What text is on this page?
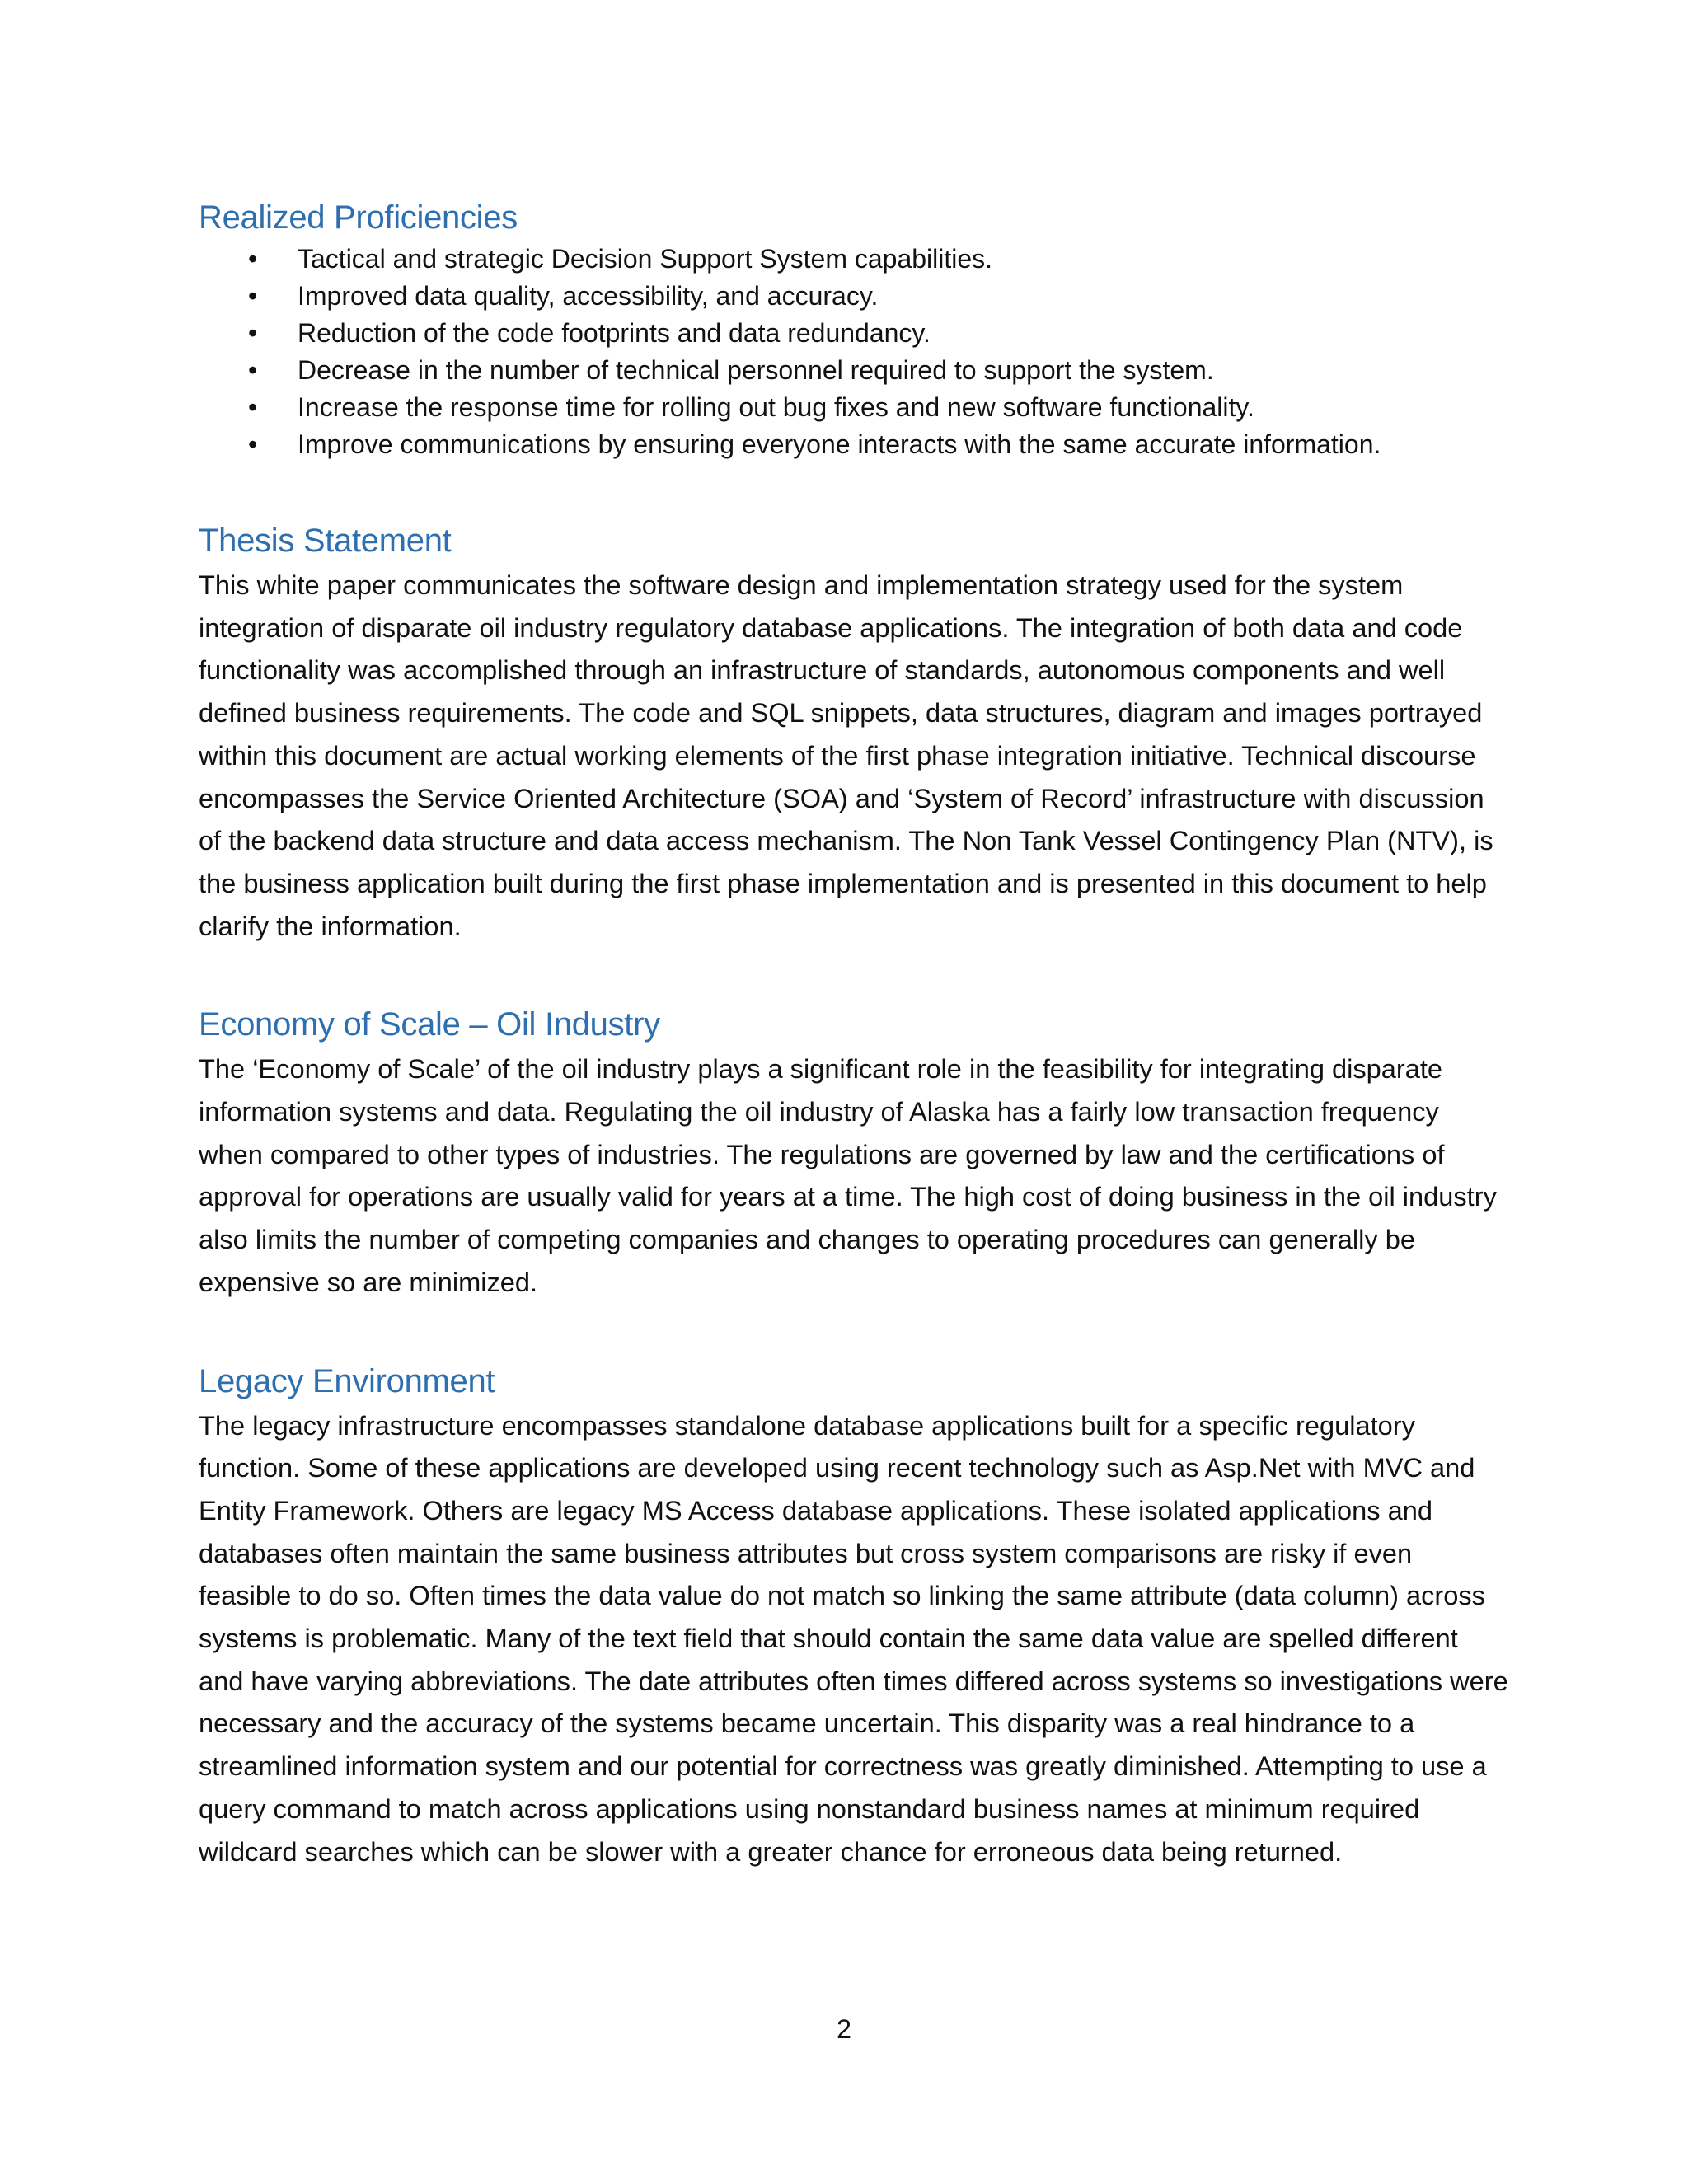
Realized Proficiencies
• Tactical and strategic Decision Support System capabilities.
• Improved data quality, accessibility, and accuracy.
• Reduction of the code footprints and data redundancy.
• Decrease in the number of technical personnel required to support the system.
• Increase the response time for rolling out bug fixes and new software functionality.
• Improve communications by ensuring everyone interacts with the same accurate information.
Thesis Statement

This white paper communicates the software design and implementation strategy used for the system integration of disparate oil industry regulatory database applications. The integration of both data and code functionality was accomplished through an infrastructure of standards, autonomous components and well defined business requirements. The code and SQL snippets, data structures, diagram and images portrayed within this document are actual working elements of the first phase integration initiative. Technical discourse encompasses the Service Oriented Architecture (SOA) and ‘System of Record’ infrastructure with discussion of the backend data structure and data access mechanism. The Non Tank Vessel Contingency Plan (NTV), is the business application built during the first phase implementation and is presented in this document to help clarify the information.

Economy of Scale – Oil Industry

The ‘Economy of Scale’ of the oil industry plays a significant role in the feasibility for integrating disparate information systems and data. Regulating the oil industry of Alaska has a fairly low transaction frequency when compared to other types of industries. The regulations are governed by law and the certifications of approval for operations are usually valid for years at a time. The high cost of doing business in the oil industry also limits the number of competing companies and changes to operating procedures can generally be expensive so are minimized.

Legacy Environment

The legacy infrastructure encompasses standalone database applications built for a specific regulatory function. Some of these applications are developed using recent technology such as Asp.Net with MVC and Entity Framework. Others are legacy MS Access database applications. These isolated applications and databases often maintain the same business attributes but cross system comparisons are risky if even feasible to do so. Often times the data value do not match so linking the same attribute (data column) across systems is problematic. Many of the text field that should contain the same data value are spelled different and have varying abbreviations. The date attributes often times differed across systems so investigations were necessary and the accuracy of the systems became uncertain. This disparity was a real hindrance to a streamlined information system and our potential for correctness was greatly diminished. Attempting to use a query command to match across applications using nonstandard business names at minimum required wildcard searches which can be slower with a greater chance for erroneous data being returned.

2
